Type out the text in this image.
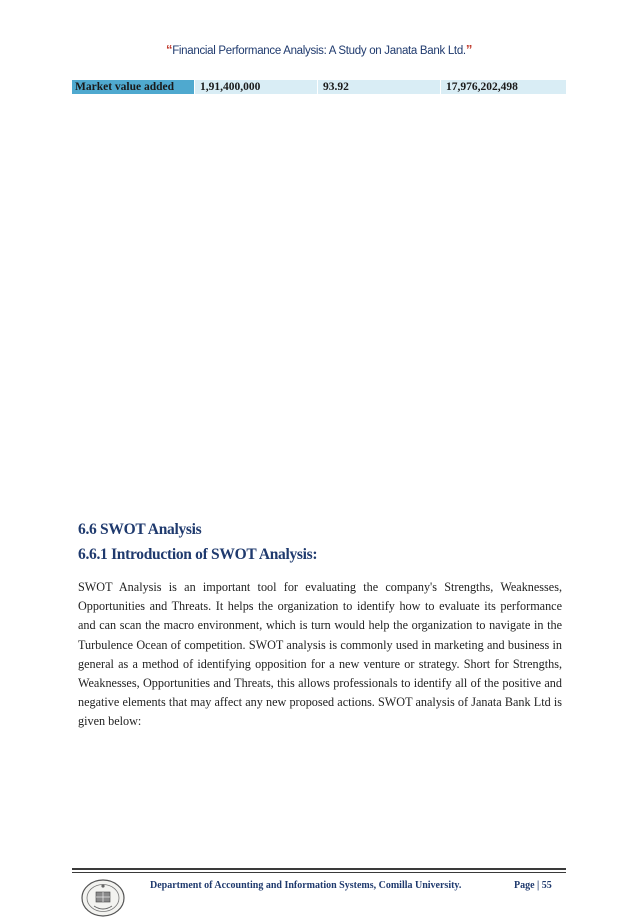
“Financial Performance Analysis: A Study on Janata Bank Ltd.”
Market value added	1,91,400,000	93.92	17,976,202,498
6.6 SWOT Analysis
6.6.1 Introduction of SWOT Analysis:

SWOT Analysis is an important tool for evaluating the company's Strengths, Weaknesses, Opportunities and Threats. It helps the organization to identify how to evaluate its performance and can scan the macro environment, which is turn would help the organization to navigate in the Turbulence Ocean of competition. SWOT analysis is commonly used in marketing and business in general as a method of identifying opposition for a new venture or strategy. Short for Strengths, Weaknesses, Opportunities and Threats, this allows professionals to identify all of the positive and negative elements that may affect any new proposed actions. SWOT analysis of Janata Bank Ltd is given below:

Department of Accounting and Information Systems, Comilla University.	Page | 55
